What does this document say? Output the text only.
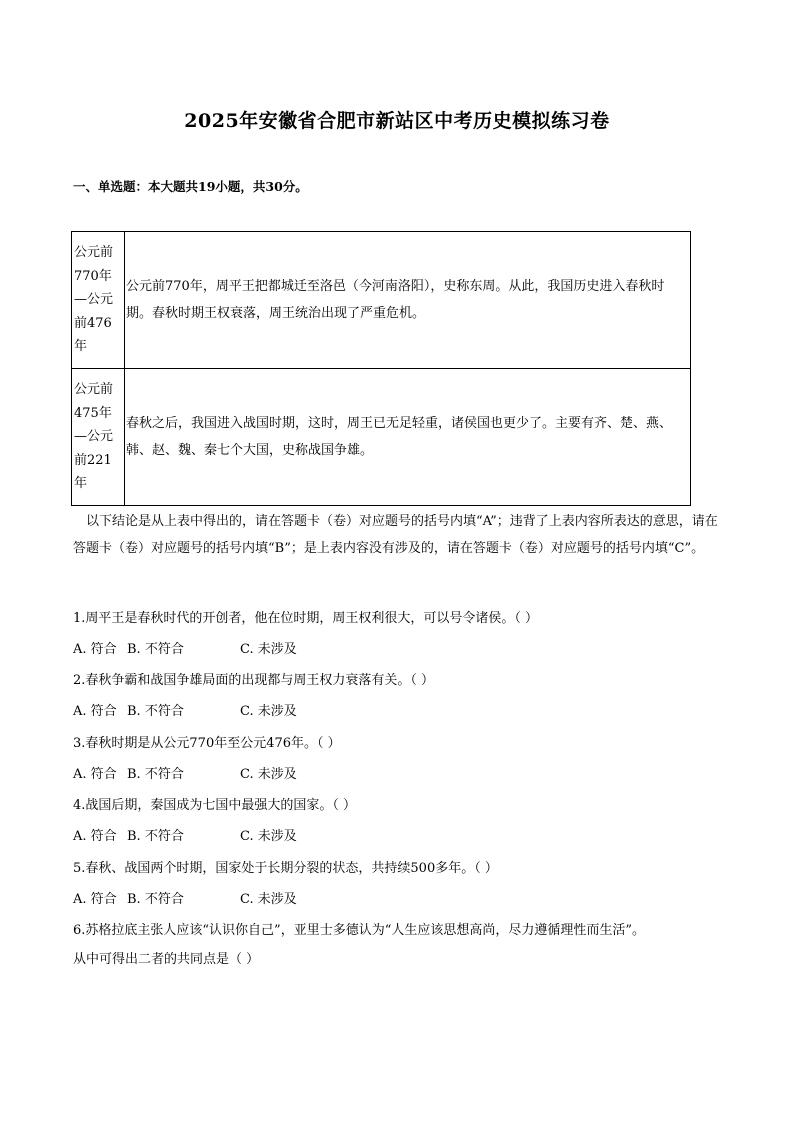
2025年安徽省合肥市新站区中考历史模拟练习卷
一、单选题：本大题共19小题，共30分。
公元前
770年
—公元
前476
年	公元前770年，周平王把都城迁至洛邑（今河南洛阳），史称东周。从此，我国历史进入春秋时期。春秋时期王权衰落，周王统治出现了严重危机。

公元前
475年
—公元
前221
年	春秋之后，我国进入战国时期，这时，周王已无足轻重，诸侯国也更少了。主要有齐、楚、燕、韩、赵、魏、秦七个大国，史称战国争雄。
以下结论是从上表中得出的，请在答题卡（卷）对应题号的括号内填“A”；违背了上表内容所表达的意思，请在答题卡（卷）对应题号的括号内填“B”；是上表内容没有涉及的，请在答题卡（卷）对应题号的括号内填“C”。
1.周平王是春秋时代的开创者，他在位时期，周王权利很大，可以号令诸侯。（ ）
A. 符合 B. 不符合	C. 未涉及
2.春秋争霸和战国争雄局面的出现都与周王权力衰落有关。（ ）
A. 符合 B. 不符合	C. 未涉及
3.春秋时期是从公元770年至公元476年。（ ）
A. 符合 B. 不符合	C. 未涉及
4.战国后期，秦国成为七国中最强大的国家。（ ）
A. 符合 B. 不符合	C. 未涉及
5.春秋、战国两个时期，国家处于长期分裂的状态，共持续500多年。（ ）
A. 符合 B. 不符合	C. 未涉及
6.苏格拉底主张人应该“认识你自己”，亚里士多德认为“人生应该思想高尚，尽力遵循理性而生活”。
从中可得出二者的共同点是（ ）
